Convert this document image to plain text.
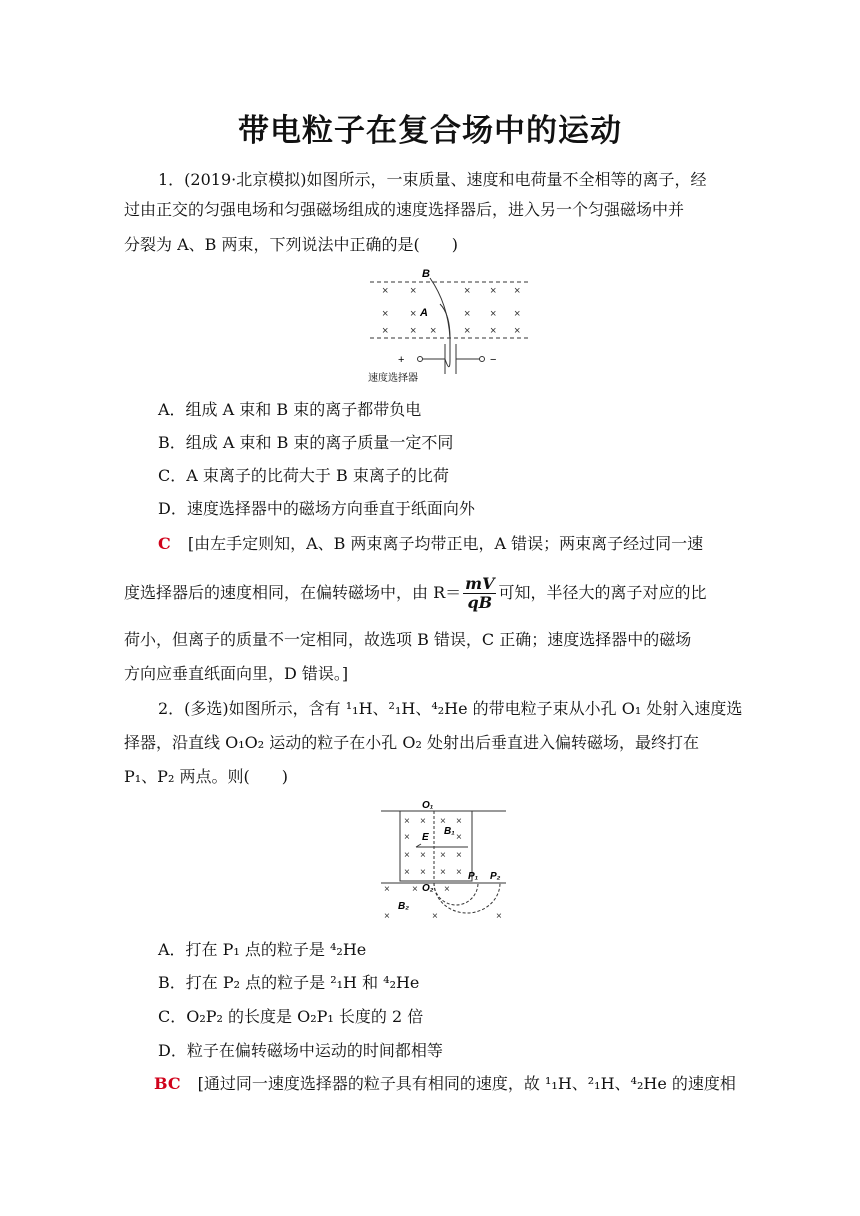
带电粒子在复合场中的运动
1．(2019·北京模拟)如图所示，一束质量、速度和电荷量不全相等的离子，经
过由正交的匀强电场和匀强磁场组成的速度选择器后，进入另一个匀强磁场中并
分裂为 A、B 两束，下列说法中正确的是(　　)
× ×	× × ×
× ×	× × ×
× × ×	× × ×
B
A
+	−
速度选择器
A．组成 A 束和 B 束的离子都带负电
B．组成 A 束和 B 束的离子质量一定不同
C．A 束离子的比荷大于 B 束离子的比荷
D．速度选择器中的磁场方向垂直于纸面向外
C [由左手定则知，A、B 两束离子均带正电，A 错误；两束离子经过同一速
度选择器后的速度相同，在偏转磁场中，由 $R= \frac{mV}{qB}$ 可知，半径大的离子对应的比
荷小，但离子的质量不一定相同，故选项 B 错误，C 正确；速度选择器中的磁场
方向应垂直纸面向里，D 错误。]
2．(多选)如图所示，含有 ¹₁H、²₁H、⁴₂He 的带电粒子束从小孔 O₁ 处射入速度选
择器，沿直线 O₁O₂ 运动的粒子在小孔 O₂ 处射出后垂直进入偏转磁场，最终打在
P₁、P₂ 两点。则(　　)
O₁
× × × ×
×	×
× × × ×
× × × ×
E
B₁
× ×	×
O₂
P₁ P₂
B₂
×	×	×
A．打在 P₁ 点的粒子是 ⁴₂He
B．打在 P₂ 点的粒子是 ²₁H 和 ⁴₂He
C．O₂P₂ 的长度是 O₂P₁ 长度的 2 倍
D．粒子在偏转磁场中运动的时间都相等
BC [通过同一速度选择器的粒子具有相同的速度，故 ¹₁H、²₁H、⁴₂He 的速度相
